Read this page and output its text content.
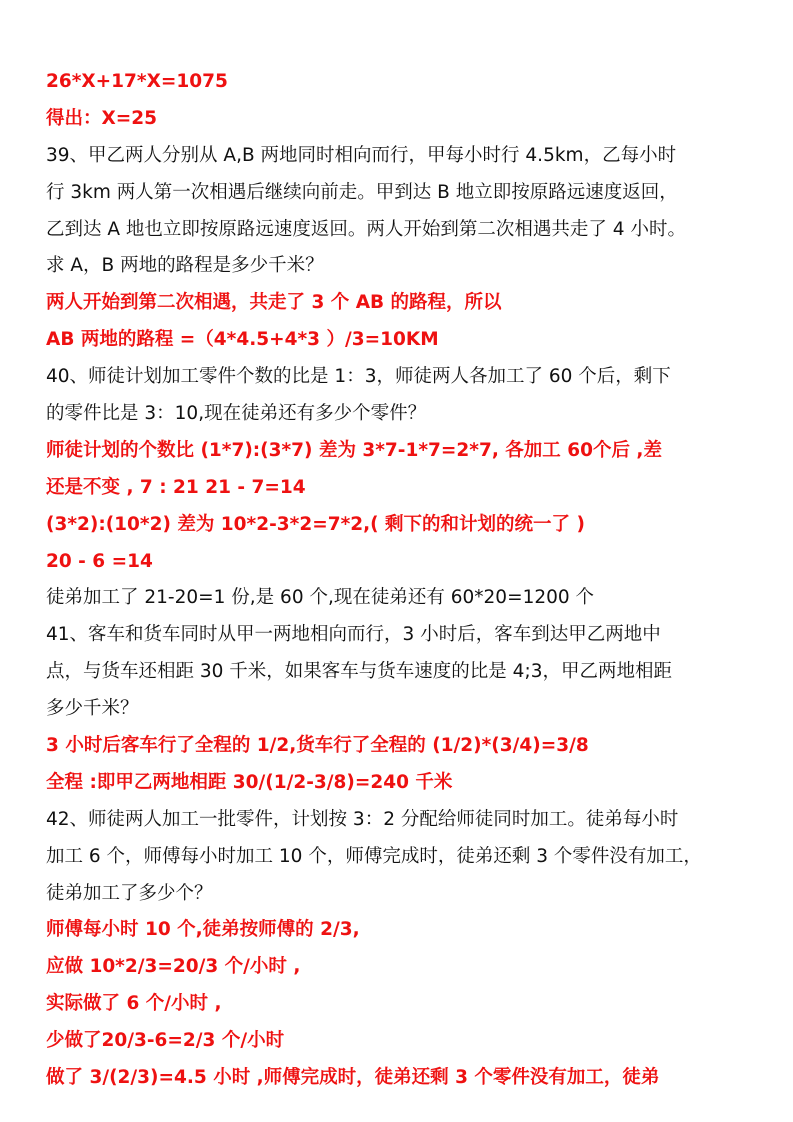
26*X+17*X=1075
得出：X=25
39、甲乙两人分别从 A,B 两地同时相向而行，甲每小时行 4.5km，乙每小时
行 3km 两人第一次相遇后继续向前走。甲到达 B 地立即按原路远速度返回，
乙到达 A 地也立即按原路远速度返回。两人开始到第二次相遇共走了 4 小时。
求 A，B 两地的路程是多少千米？
两人开始到第二次相遇，共走了 3 个 AB 的路程，所以
AB 两地的路程 =（4*4.5+4*3 ）/3=10KM
40、师徒计划加工零件个数的比是 1：3，师徒两人各加工了 60 个后，剩下
的零件比是 3：10,现在徒弟还有多少个零件？
师徒计划的个数比 (1*7):(3*7) 差为 3*7-1*7=2*7, 各加工 60个后 ,差
还是不变 , 7 : 21 21 - 7=14
(3*2):(10*2) 差为 10*2-3*2=7*2,( 剩下的和计划的统一了 )
20 - 6 =14
徒弟加工了 21-20=1 份,是 60 个,现在徒弟还有 60*20=1200 个
41、客车和货车同时从甲一两地相向而行，3 小时后，客车到达甲乙两地中
点，与货车还相距 30 千米，如果客车与货车速度的比是 4;3，甲乙两地相距
多少千米？
3 小时后客车行了全程的 1/2,货车行了全程的 (1/2)*(3/4)=3/8
全程 :即甲乙两地相距 30/(1/2-3/8)=240 千米
42、师徒两人加工一批零件，计划按 3：2 分配给师徒同时加工。徒弟每小时
加工 6 个，师傅每小时加工 10 个，师傅完成时，徒弟还剩 3 个零件没有加工，
徒弟加工了多少个？
师傅每小时 10 个,徒弟按师傅的 2/3,
应做 10*2/3=20/3 个/小时 ,
实际做了 6 个/小时 ,
少做了20/3-6=2/3 个/小时
做了 3/(2/3)=4.5 小时 ,师傅完成时，徒弟还剩 3 个零件没有加工，徒弟
